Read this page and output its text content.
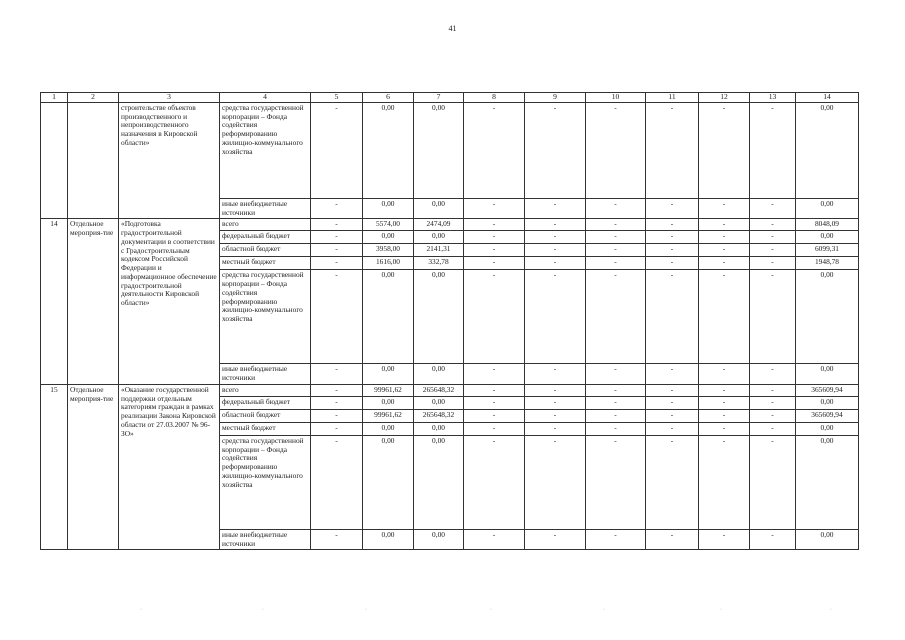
41
1	2	3	4	5	6	7	8	9	10	11	12	13	14
		строительстве объектов производственного и непроизводственного назначения в Кировской области»	средства государственной корпорации – Фонда содействия реформированию жилищно-коммунального хозяйства	-	0,00	0,00	-	-	-	-	-	-	0,00
			иные внебюджетные источники	-	0,00	0,00	-	-	-	-	-	-	0,00
14	Отдельное мероприя-тие	«Подготовка градостроительной документации в соответствии с Градостроительным кодексом Российской Федерации и информационное обеспечение градостроительной деятельности Кировской области»	всего	-	5574,00	2474,09	-	-	-	-	-	-	8048,09
			федеральный бюджет	-	0,00	0,00	-	-	-	-	-	-	0,00
			областной бюджет	-	3958,00	2141,31	-	-	-	-	-	-	6099,31
			местный бюджет	-	1616,00	332,78	-	-	-	-	-	-	1948,78
			средства государственной корпорации – Фонда содействия реформированию жилищно-коммунального хозяйства	-	0,00	0,00	-	-	-	-	-	-	0,00
			иные внебюджетные источники	-	0,00	0,00	-	-	-	-	-	-	0,00
15	Отдельное мероприя-тие	«Оказание государственной поддержки отдельным категориям граждан в рамках реализации Закона Кировской области от 27.03.2007 № 96-ЗО»	всего	-	99961,62	265648,32	-	-	-	-	-	-	365609,94
			федеральный бюджет	-	0,00	0,00	-	-	-	-	-	-	0,00
			областной бюджет	-	99961,62	265648,32	-	-	-	-	-	-	365609,94
			местный бюджет	-	0,00	0,00	-	-	-	-	-	-	0,00
			средства государственной корпорации – Фонда содействия реформированию жилищно-коммунального хозяйства	-	0,00	0,00	-	-	-	-	-	-	0,00
			иные внебюджетные источники	-	0,00	0,00	-	-	-	-	-	-	0,00
·	·	·	·	·	·	·
